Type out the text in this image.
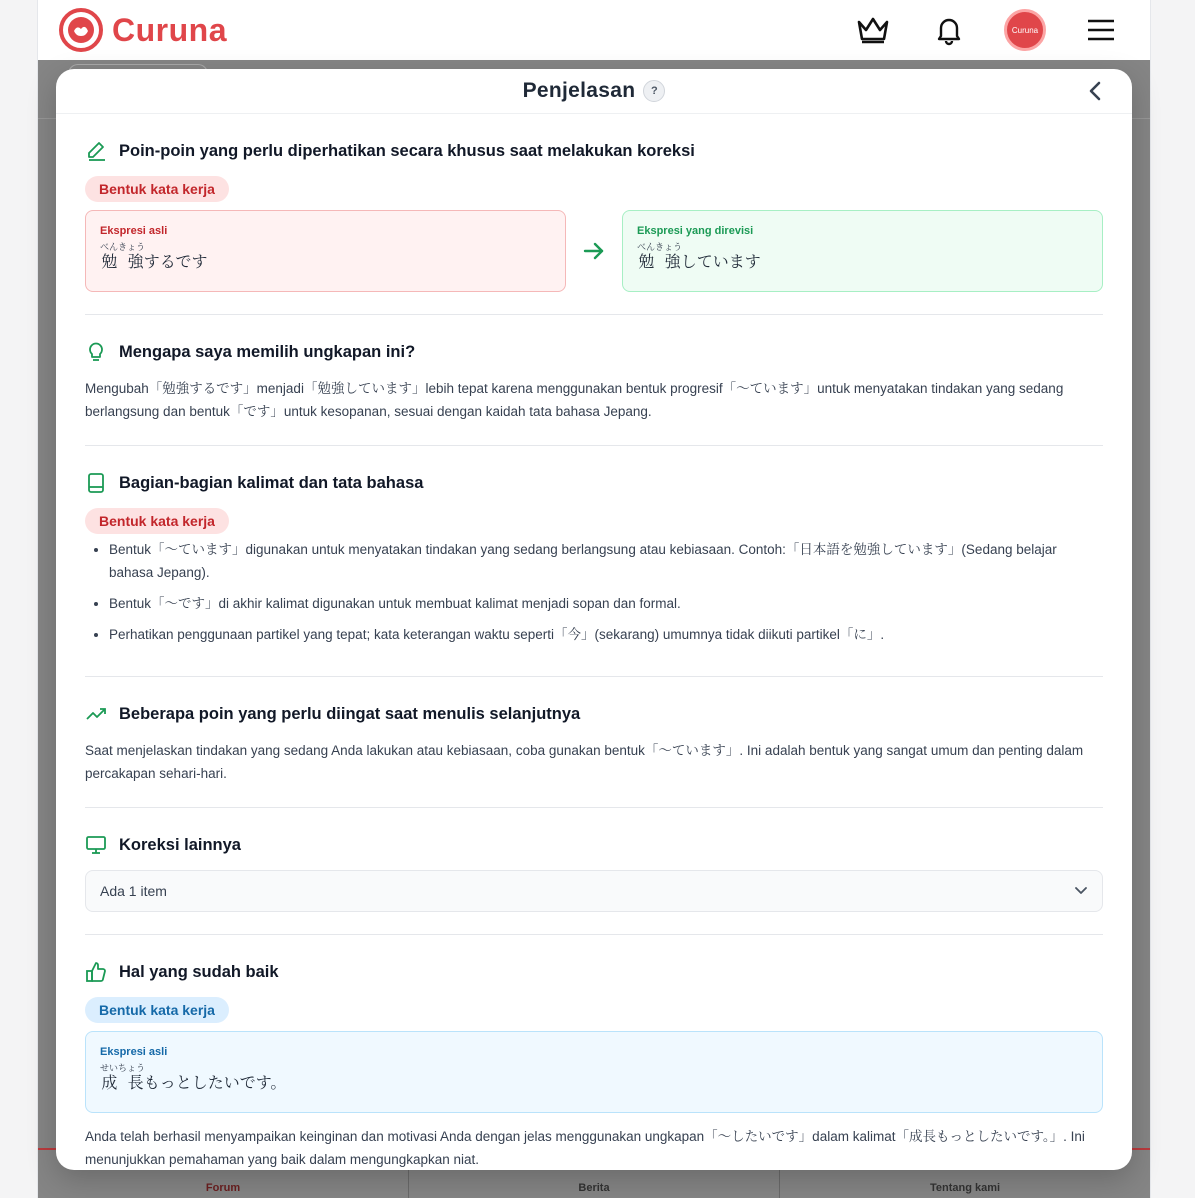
Curuna	Curuna
Forum	Berita	Tentang kami
Penjelasan	?
Poin-poin yang perlu diperhatikan secara khusus saat melakukan koreksi
Bentuk kata kerja
Ekspresi asli
勉 強べんきょうするです
Ekspresi yang direvisi
勉 強べんきょうしています
Mengapa saya memilih ungkapan ini?

Mengubah「勉強するです」menjadi「勉強しています」lebih tepat karena menggunakan bentuk progresif「〜ています」untuk menyatakan tindakan yang sedang berlangsung dan bentuk「です」untuk kesopanan, sesuai dengan kaidah tata bahasa Jepang.

Bagian-bagian kalimat dan tata bahasa
Bentuk kata kerja
• Bentuk「〜ています」digunakan untuk menyatakan tindakan yang sedang berlangsung atau kebiasaan. Contoh:「日本語を勉強しています」(Sedang belajar bahasa Jepang).
• Bentuk「〜です」di akhir kalimat digunakan untuk membuat kalimat menjadi sopan dan formal.
• Perhatikan penggunaan partikel yang tepat; kata keterangan waktu seperti「今」(sekarang) umumnya tidak diikuti partikel「に」.
Beberapa poin yang perlu diingat saat menulis selanjutnya

Saat menjelaskan tindakan yang sedang Anda lakukan atau kebiasaan, coba gunakan bentuk「〜ています」. Ini adalah bentuk yang sangat umum dan penting dalam percakapan sehari-hari.

Koreksi lainnya
Ada 1 item
Hal yang sudah baik
Bentuk kata kerja
Ekspresi asli
成 長せいちょうもっとしたいです。

Anda telah berhasil menyampaikan keinginan dan motivasi Anda dengan jelas menggunakan ungkapan「〜したいです」dalam kalimat「成長もっとしたいです。」. Ini menunjukkan pemahaman yang baik dalam mengungkapkan niat.
